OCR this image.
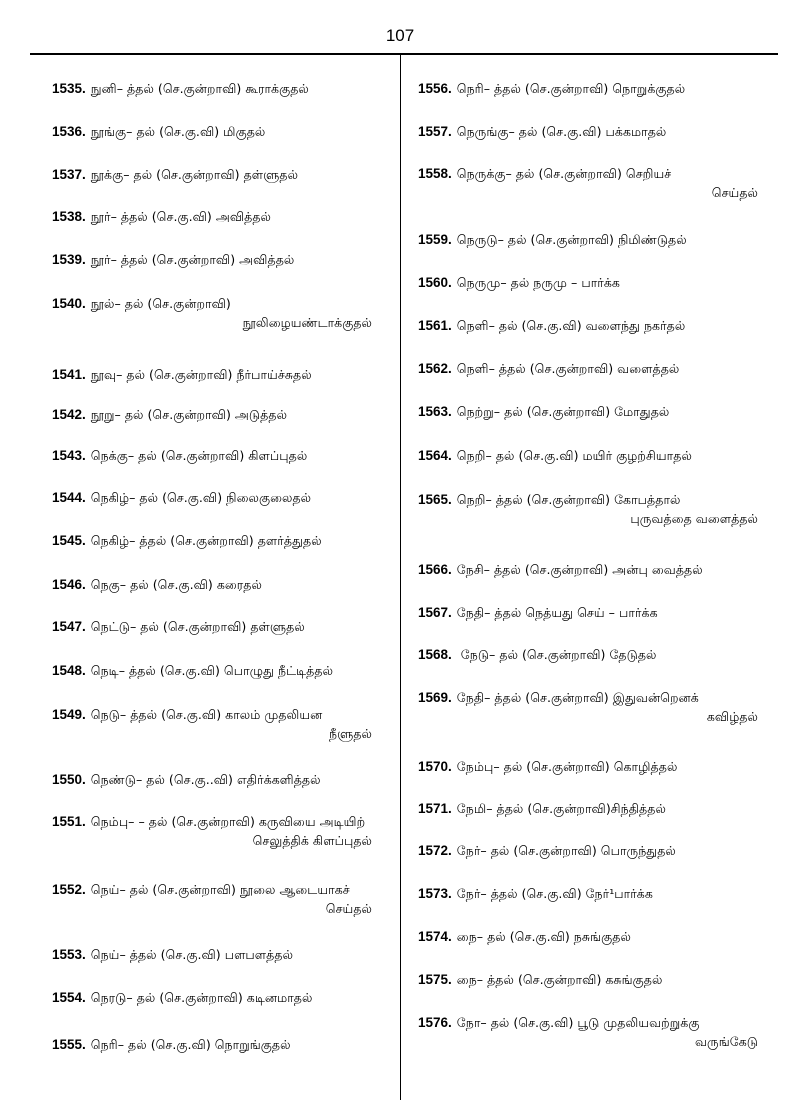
107
1535. நுனி– த்தல் (செ.குன்றாவி) கூராக்குதல்
1536. நூங்கு– தல் (செ.கு.வி) மிகுதல்
1537. நூக்கு– தல் (செ.குன்றாவி) தள்ளுதல்
1538. நூர்– த்தல் (செ.கு.வி) அவித்தல்
1539. நூர்– த்தல் (செ.குன்றாவி) அவித்தல்
1540. நூல்– தல் (செ.குன்றாவி)
நூலிழையண்டாக்குதல்
1541. நூவு– தல் (செ.குன்றாவி) நீர்பாய்ச்சுதல்
1542. நூறு– தல் (செ.குன்றாவி) அடுத்தல்
1543. நெக்கு– தல் (செ.குன்றாவி) கிளப்புதல்
1544. நெகிழ்– தல் (செ.கு.வி) நிலைகுலைதல்
1545. நெகிழ்– த்தல் (செ.குன்றாவி) தளர்த்துதல்
1546. நெகு– தல் (செ.கு.வி) கரைதல்
1547. நெட்டு– தல் (செ.குன்றாவி) தள்ளுதல்
1548. நெடி– த்தல் (செ.கு.வி) பொழுது நீட்டித்தல்
1549. நெடு– த்தல் (செ.கு.வி) காலம் முதலியன
நீளுதல்
1550. நெண்டு– தல் (செ.கு..வி) எதிர்க்களித்தல்
1551. நெம்பு– – தல் (செ.குன்றாவி) கருவியை அடியிற்
செலுத்திக் கிளப்புதல்
1552. நெய்– தல் (செ.குன்றாவி) நூலை ஆடையாகச்
செய்தல்
1553. நெய்– த்தல் (செ.கு.வி) பளபளத்தல்
1554. நெரடு– தல் (செ.குன்றாவி) கடினமாதல்
1555. நெரி– தல் (செ.கு.வி) நொறுங்குதல்
1556. நெரி– த்தல் (செ.குன்றாவி) நொறுக்குதல்
1557. நெருங்கு– தல் (செ.கு.வி) பக்கமாதல்
1558. நெருக்கு– தல் (செ.குன்றாவி) செறியச்
செய்தல்
1559. நெருடு– தல் (செ.குன்றாவி) நிமிண்டுதல்
1560. நெருமு– தல் நருமு – பார்க்க
1561. நெளி– தல் (செ.கு.வி) வளைந்து நகர்தல்
1562. நெளி– த்தல் (செ.குன்றாவி) வளைத்தல்
1563. நெற்று– தல் (செ.குன்றாவி) மோதுதல்
1564. நெறி– தல் (செ.கு.வி) மயிர் குழற்சியாதல்
1565. நெறி– த்தல் (செ.குன்றாவி) கோபத்தால்
புருவத்தை வளைத்தல்
1566. நேசி– த்தல் (செ.குன்றாவி) அன்பு வைத்தல்
1567. நேதி– த்தல் நெத்யது செய் – பார்க்க
1568. நேடு– தல் (செ.குன்றாவி) தேடுதல்
1569. நேதி– த்தல் (செ.குன்றாவி) இதுவன்றெனக்
கவிழ்தல்
1570. நேம்பு– தல் (செ.குன்றாவி) கொழித்தல்
1571. நேமி– த்தல் (செ.குன்றாவி)சிந்தித்தல்
1572. நேர்– தல் (செ.குன்றாவி) பொருந்துதல்
1573. நேர்– த்தல் (செ.கு.வி) நேர்¹பார்க்க
1574. நை– தல் (செ.கு.வி) நசுங்குதல்
1575. நை– த்தல் (செ.குன்றாவி) கசுங்குதல்
1576. நோ– தல் (செ.கு.வி) பூடு முதலியவற்றுக்கு
வருங்கேடு
